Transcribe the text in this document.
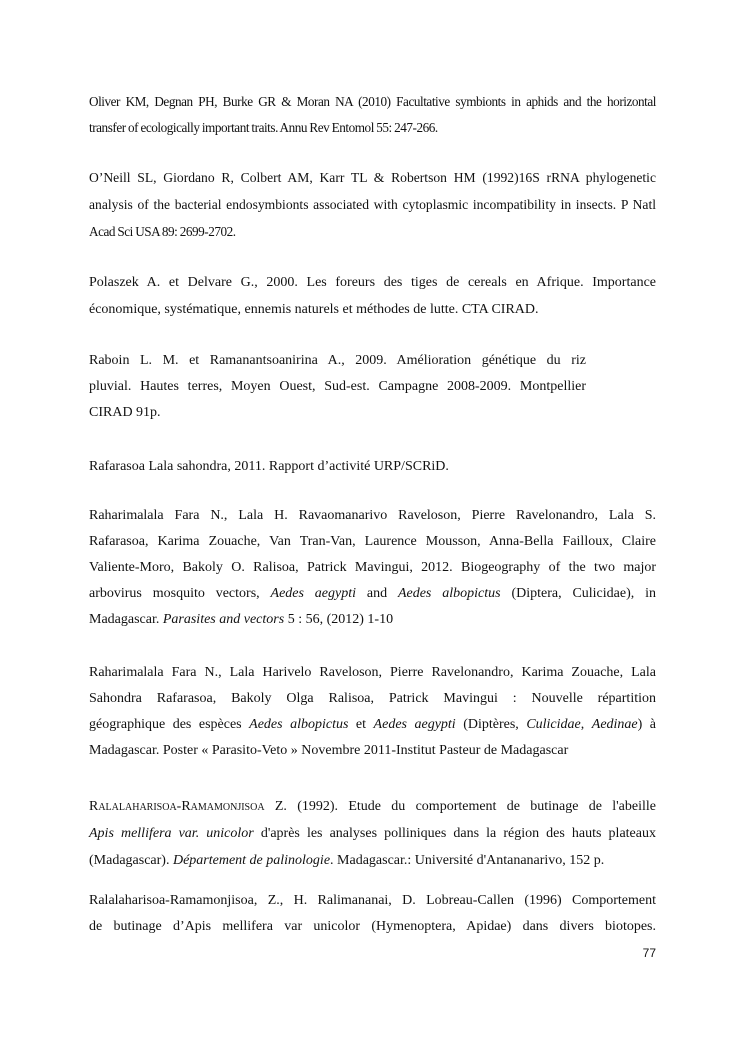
Oliver KM, Degnan PH, Burke GR & Moran NA (2010) Facultative symbionts in aphids and the horizontal
transfer of ecologically important traits. Annu Rev Entomol 55: 247-266.
O’Neill SL, Giordano R, Colbert AM, Karr TL & Robertson HM (1992)16S rRNA phylogenetic
analysis of the bacterial endosymbionts associated with cytoplasmic incompatibility in insects. P Natl
Acad Sci USA 89: 2699-2702.
Polaszek A. et Delvare G., 2000. Les foreurs des tiges de cereals en Afrique. Importance
économique, systématique, ennemis naturels et méthodes de lutte. CTA CIRAD.
Raboin L. M. et Ramanantsoanirina A., 2009. Amélioration génétique du riz
pluvial. Hautes terres, Moyen Ouest, Sud-est. Campagne 2008-2009. Montpellier
CIRAD 91p.
Rafarasoa Lala sahondra, 2011. Rapport d’activité URP/SCRiD.
Raharimalala Fara N., Lala H. Ravaomanarivo Raveloson, Pierre Ravelonandro, Lala S.
Rafarasoa, Karima Zouache, Van Tran-Van, Laurence Mousson, Anna-Bella Failloux, Claire
Valiente-Moro, Bakoly O. Ralisoa, Patrick Mavingui, 2012. Biogeography of the two major
arbovirus mosquito vectors, Aedes aegypti and Aedes albopictus (Diptera, Culicidae), in
Madagascar. Parasites and vectors 5 : 56, (2012) 1-10
Raharimalala Fara N., Lala Harivelo Raveloson, Pierre Ravelonandro, Karima Zouache, Lala
Sahondra Rafarasoa, Bakoly Olga Ralisoa, Patrick Mavingui : Nouvelle répartition
géographique des espèces Aedes albopictus et Aedes aegypti (Diptères, Culicidae, Aedinae) à
Madagascar. Poster « Parasito-Veto » Novembre 2011-Institut Pasteur de Madagascar
Ralalaharisoa-Ramamonjisoa Z. (1992). Etude du comportement de butinage de l'abeille
Apis mellifera var. unicolor d'après les analyses polliniques dans la région des hauts plateaux
(Madagascar). Département de palinologie. Madagascar.: Université d'Antananarivo, 152 p.
Ralalaharisoa-Ramamonjisoa, Z., H. Ralimananai, D. Lobreau-Callen (1996) Comportement
de butinage d’Apis mellifera var unicolor (Hymenoptera, Apidae) dans divers biotopes.
77
